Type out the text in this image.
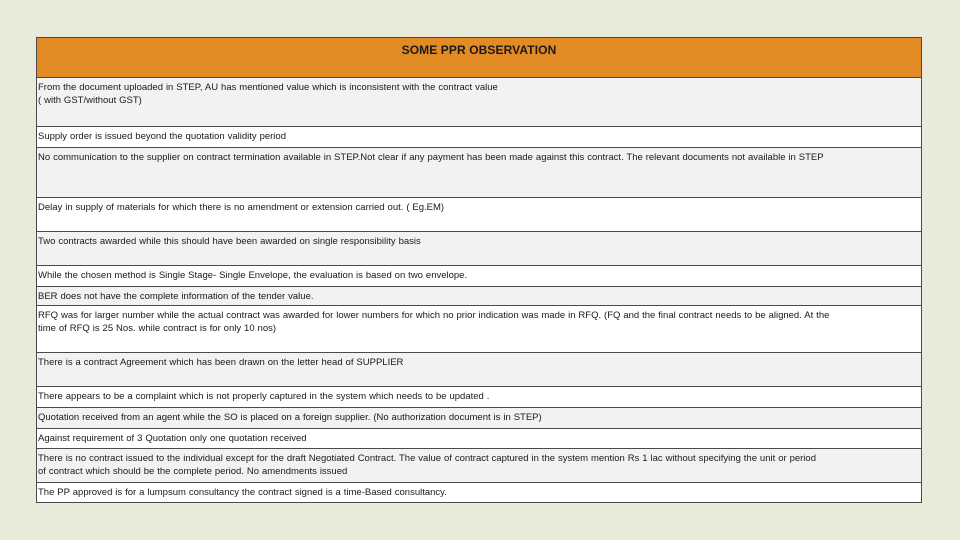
SOME PPR OBSERVATION
From the document uploaded in STEP, AU has mentioned value which is inconsistent with the contract value
( with GST/without GST)
Supply order is issued beyond the quotation validity period
No communication to the supplier on contract termination available in STEP.Not clear if any payment has been made against this contract. The relevant documents not available in STEP
Delay in supply of materials for which there is no amendment or extension carried out. ( Eg.EM)
Two contracts awarded while this should have been awarded on single responsibility basis
While the chosen method is Single Stage- Single Envelope, the evaluation is based on two envelope.
BER does not have the complete information of the tender value.
RFQ was for larger number while the actual contract was awarded for lower numbers for which no prior indication was made in RFQ. (FQ and the final contract needs to be aligned. At the
time of RFQ is 25 Nos. while contract is for only 10 nos)
There is a contract Agreement which has been drawn on the letter head of SUPPLIER
There appears to be a complaint which is not properly captured in the system which needs to be updated .
Quotation received from an agent while the SO is placed on a foreign supplier. (No authorization document is in STEP)
Against requirement of 3 Quotation only one quotation received
There is no contract issued to the individual except for the draft Negotiated Contract. The value of contract captured in the system mention Rs 1 lac without specifying the unit or period
of contract which should be the complete period. No amendments issued
The PP approved is for a lumpsum consultancy the contract signed is a time-Based consultancy.
